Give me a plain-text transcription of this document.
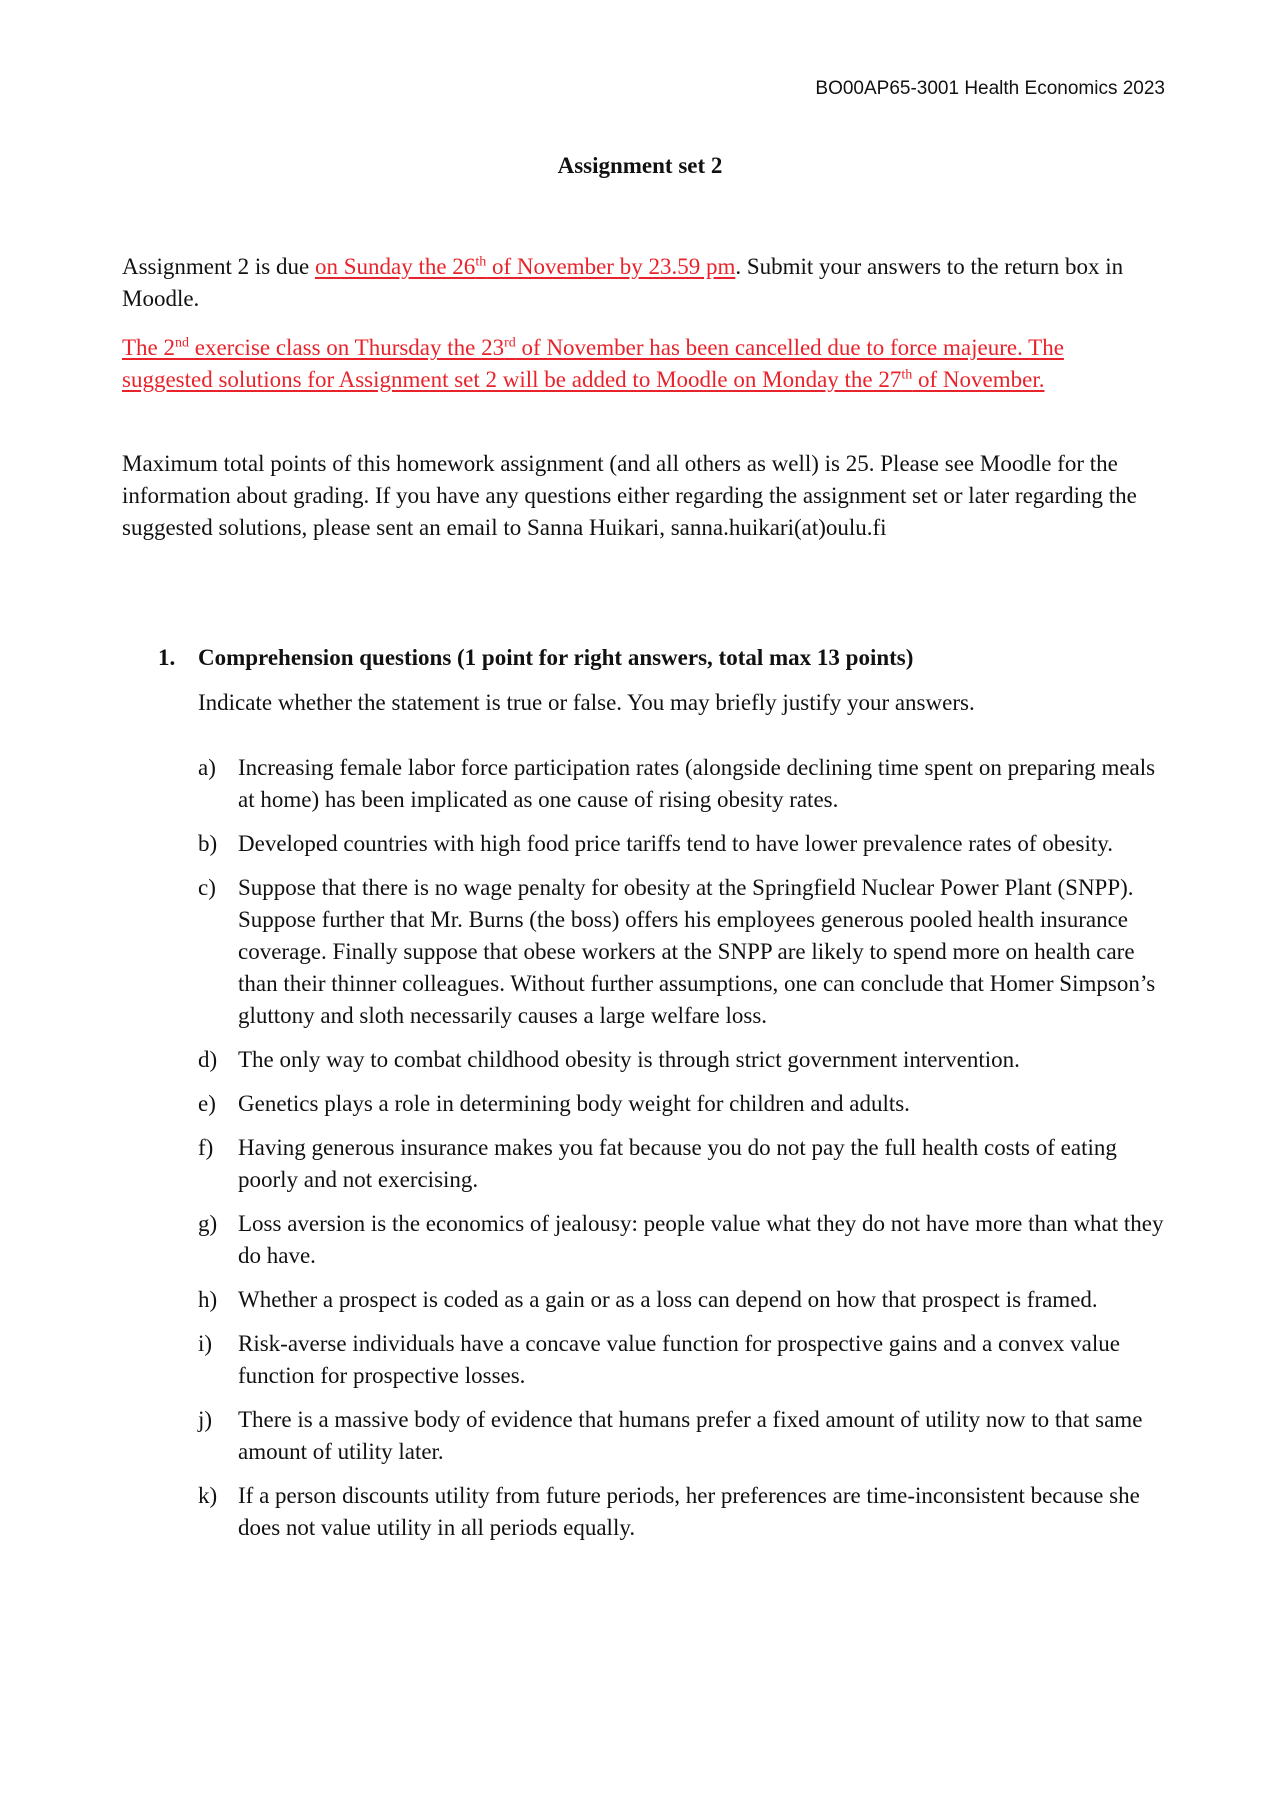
BO00AP65-3001 Health Economics 2023
Assignment set 2
Assignment 2 is due on Sunday the 26th of November by 23.59 pm. Submit your answers to the return box in Moodle.
The 2nd exercise class on Thursday the 23rd of November has been cancelled due to force majeure. The suggested solutions for Assignment set 2 will be added to Moodle on Monday the 27th of November.
Maximum total points of this homework assignment (and all others as well) is 25. Please see Moodle for the information about grading. If you have any questions either regarding the assignment set or later regarding the suggested solutions, please sent an email to Sanna Huikari, sanna.huikari(at)oulu.fi
1. Comprehension questions (1 point for right answers, total max 13 points)
Indicate whether the statement is true or false. You may briefly justify your answers.
a) Increasing female labor force participation rates (alongside declining time spent on preparing meals at home) has been implicated as one cause of rising obesity rates.
b) Developed countries with high food price tariffs tend to have lower prevalence rates of obesity.
c) Suppose that there is no wage penalty for obesity at the Springfield Nuclear Power Plant (SNPP). Suppose further that Mr. Burns (the boss) offers his employees generous pooled health insurance coverage. Finally suppose that obese workers at the SNPP are likely to spend more on health care than their thinner colleagues. Without further assumptions, one can conclude that Homer Simpson’s gluttony and sloth necessarily causes a large welfare loss.
d) The only way to combat childhood obesity is through strict government intervention.
e) Genetics plays a role in determining body weight for children and adults.
f) Having generous insurance makes you fat because you do not pay the full health costs of eating poorly and not exercising.
g) Loss aversion is the economics of jealousy: people value what they do not have more than what they do have.
h) Whether a prospect is coded as a gain or as a loss can depend on how that prospect is framed.
i) Risk-averse individuals have a concave value function for prospective gains and a convex value function for prospective losses.
j) There is a massive body of evidence that humans prefer a fixed amount of utility now to that same amount of utility later.
k) If a person discounts utility from future periods, her preferences are time-inconsistent because she does not value utility in all periods equally.
